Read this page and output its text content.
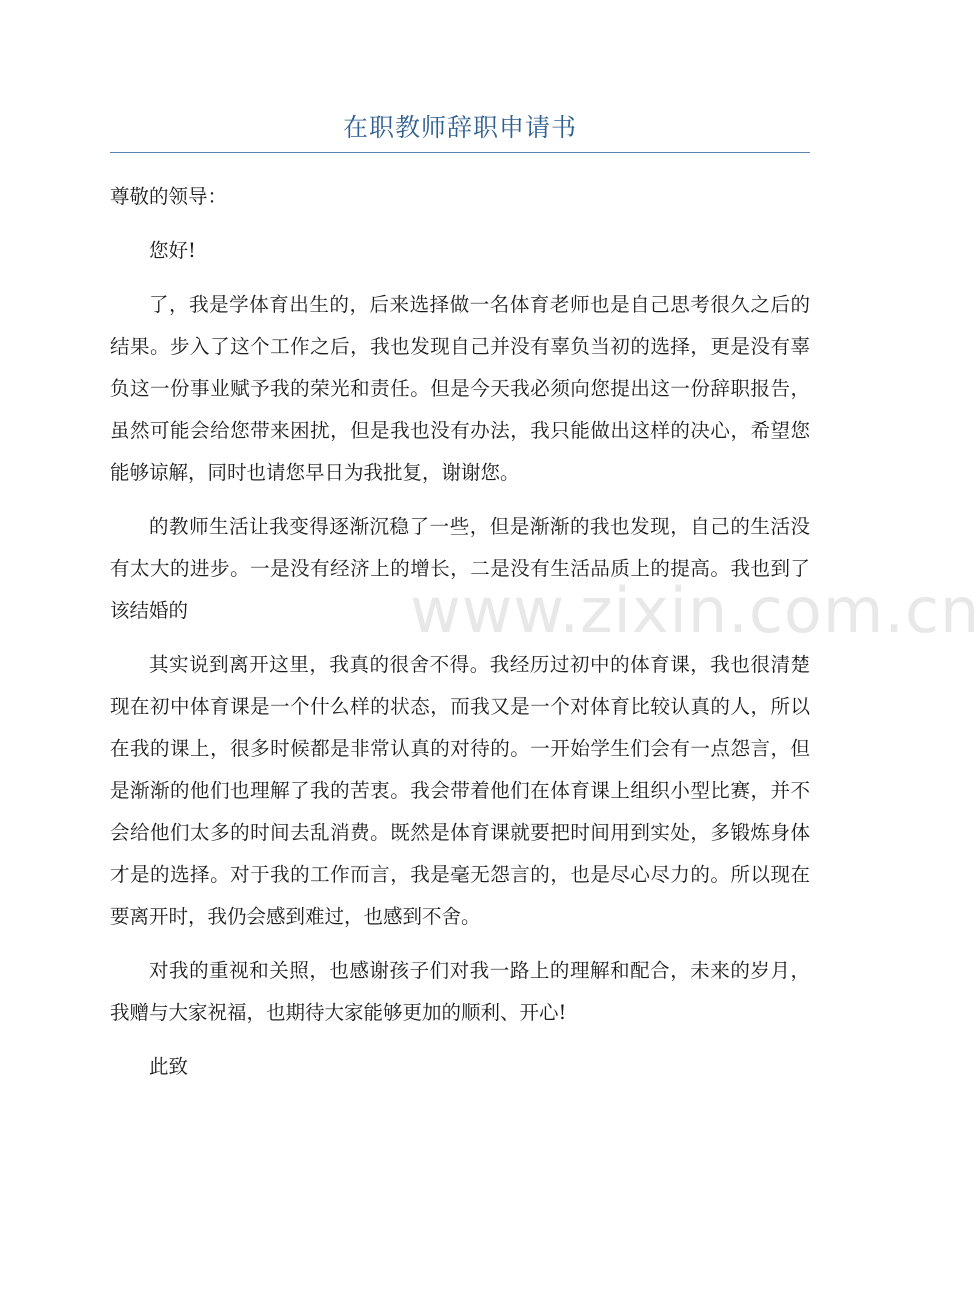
在职教师辞职申请书

尊敬的领导：

您好!

了，我是学体育出生的，后来选择做一名体育老师也是自己思考很久之后的结果。步入了这个工作之后，我也发现自己并没有辜负当初的选择，更是没有辜负这一份事业赋予我的荣光和责任。但是今天我必须向您提出这一份辞职报告，虽然可能会给您带来困扰，但是我也没有办法，我只能做出这样的决心，希望您能够谅解，同时也请您早日为我批复，谢谢您。

的教师生活让我变得逐渐沉稳了一些，但是渐渐的我也发现，自己的生活没有太大的进步。一是没有经济上的增长，二是没有生活品质上的提高。我也到了该结婚的

其实说到离开这里，我真的很舍不得。我经历过初中的体育课，我也很清楚现在初中体育课是一个什么样的状态，而我又是一个对体育比较认真的人，所以在我的课上，很多时候都是非常认真的对待的。一开始学生们会有一点怨言，但是渐渐的他们也理解了我的苦衷。我会带着他们在体育课上组织小型比赛，并不会给他们太多的时间去乱消费。既然是体育课就要把时间用到实处，多锻炼身体才是的选择。对于我的工作而言，我是毫无怨言的，也是尽心尽力的。所以现在要离开时，我仍会感到难过，也感到不舍。

对我的重视和关照，也感谢孩子们对我一路上的理解和配合，未来的岁月，我赠与大家祝福，也期待大家能够更加的顺利、开心!

此致

www.zixin.com.cn
